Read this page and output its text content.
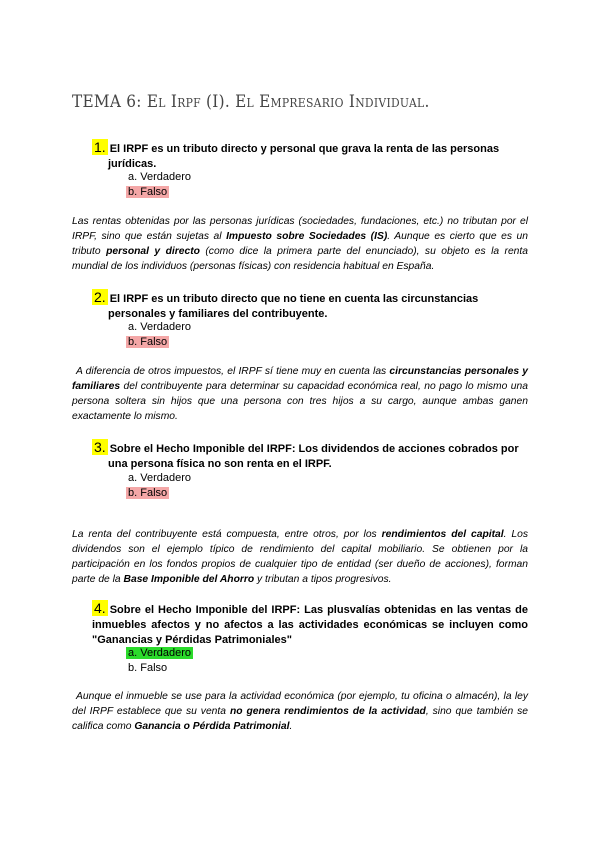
TEMA 6: El Irpf (I). El Empresario Individual.
1. El IRPF es un tributo directo y personal que grava la renta de las personas
jurídicas.
a. Verdadero
b. Falso
Las rentas obtenidas por las personas jurídicas (sociedades, fundaciones, etc.) no tributan por el IRPF, sino que están sujetas al Impuesto sobre Sociedades (IS). Aunque es cierto que es un tributo personal y directo (como dice la primera parte del enunciado), su objeto es la renta mundial de los individuos (personas físicas) con residencia habitual en España.
2. El IRPF es un tributo directo que no tiene en cuenta las circunstancias
personales y familiares del contribuyente.
a. Verdadero
b. Falso
A diferencia de otros impuestos, el IRPF sí tiene muy en cuenta las circunstancias personales y familiares del contribuyente para determinar su capacidad económica real, no pago lo mismo una persona soltera sin hijos que una persona con tres hijos a su cargo, aunque ambas ganen exactamente lo mismo.
3. Sobre el Hecho Imponible del IRPF: Los dividendos de acciones cobrados por
una persona física no son renta en el IRPF.
a. Verdadero
b. Falso
La renta del contribuyente está compuesta, entre otros, por los rendimientos del capital. Los dividendos son el ejemplo típico de rendimiento del capital mobiliario. Se obtienen por la participación en los fondos propios de cualquier tipo de entidad (ser dueño de acciones), forman parte de la Base Imponible del Ahorro y tributan a tipos progresivos.
4. Sobre el Hecho Imponible del IRPF: Las plusvalías obtenidas en las ventas de inmuebles afectos y no afectos a las actividades económicas se incluyen como "Ganancias y Pérdidas Patrimoniales"
a. Verdadero
b. Falso
Aunque el inmueble se use para la actividad económica (por ejemplo, tu oficina o almacén), la ley del IRPF establece que su venta no genera rendimientos de la actividad, sino que también se califica como Ganancia o Pérdida Patrimonial.
